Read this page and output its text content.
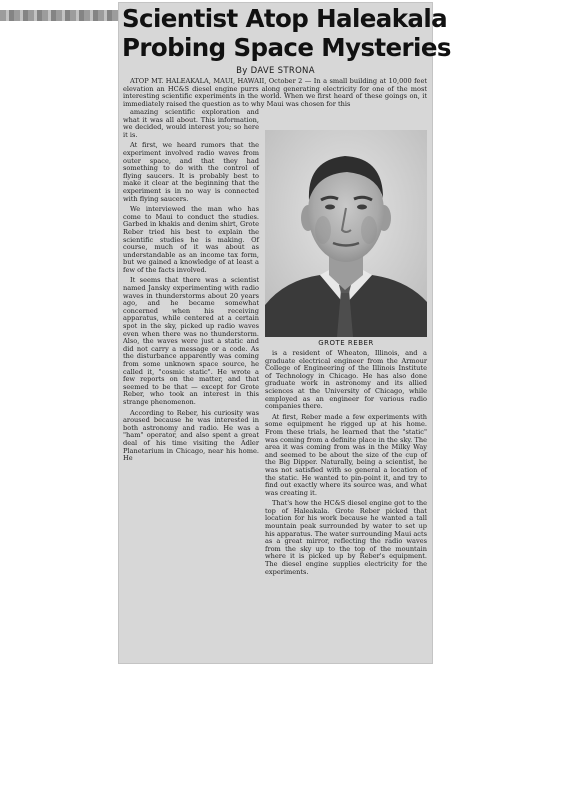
Scientist Atop Haleakala
Probing Space Mysteries
By DAVE STRONA

ATOP MT. HALEAKALA, MAUI, HAWAII, October 2 — In a small building at 10,000 feet elevation an HC&S diesel engine purrs along generating electricity for one of the most interesting scientific experiments in the world. When we first heard of these goings on, it immediately raised the question as to why Maui was chosen for this

amazing scientific exploration and what it was all about. This information, we decided, would interest you; so here it is.

At first, we heard rumors that the experiment involved radio waves from outer space, and that they had something to do with the control of flying saucers. It is probably best to make it clear at the beginning that the experiment is in no way is connected with flying saucers.

We interviewed the man who has come to Maui to conduct the studies. Garbed in khakis and denim shirt, Grote Reber tried his best to explain the scientific studies he is making. Of course, much of it was about as understandable as an income tax form, but we gained a knowledge of at least a few of the facts involved.

It seems that there was a scientist named Jansky experimenting with radio waves in thunderstorms about 20 years ago, and he became somewhat concerned when his receiving apparatus, while centered at a certain spot in the sky, picked up radio waves even when there was no thunderstorm. Also, the waves were just a static and did not carry a message or a code. As the disturbance apparently was coming from some unknown space source, he called it, "cosmic static". He wrote a few reports on the matter, and that seemed to be that — except for Grote Reber, who took an interest in this strange phenomenon.

According to Reber, his curiosity was aroused because he was interested in both astronomy and radio. He was a "ham" operator, and also spent a great deal of his time visiting the Adler Planetarium in Chicago, near his home. He

GROTE REBER

is a resident of Wheaton, Illinois, and a graduate electrical engineer from the Armour College of Engineering of the Illinois Institute of Technology in Chicago. He has also done graduate work in astronomy and its allied sciences at the University of Chicago, while employed as an engineer for various radio companies there.

At first, Reber made a few experiments with some equipment he rigged up at his home. From these trials, he learned that the "static" was coming from a definite place in the sky. The area it was coming from was in the Milky Way and seemed to be about the size of the cup of the Big Dipper. Naturally, being a scientist, he was not satisfied with so general a location of the static. He wanted to pin-point it, and try to find out exactly where its source was, and what was creating it.

That's how the HC&S diesel engine got to the top of Haleakala. Grote Reber picked that location for his work because he wanted a tall mountain peak surrounded by water to set up his apparatus. The water surrounding Maui acts as a great mirror, reflecting the radio waves from the sky up to the top of the mountain where it is picked up by Reber's equipment. The diesel engine supplies electricity for the experiments.
